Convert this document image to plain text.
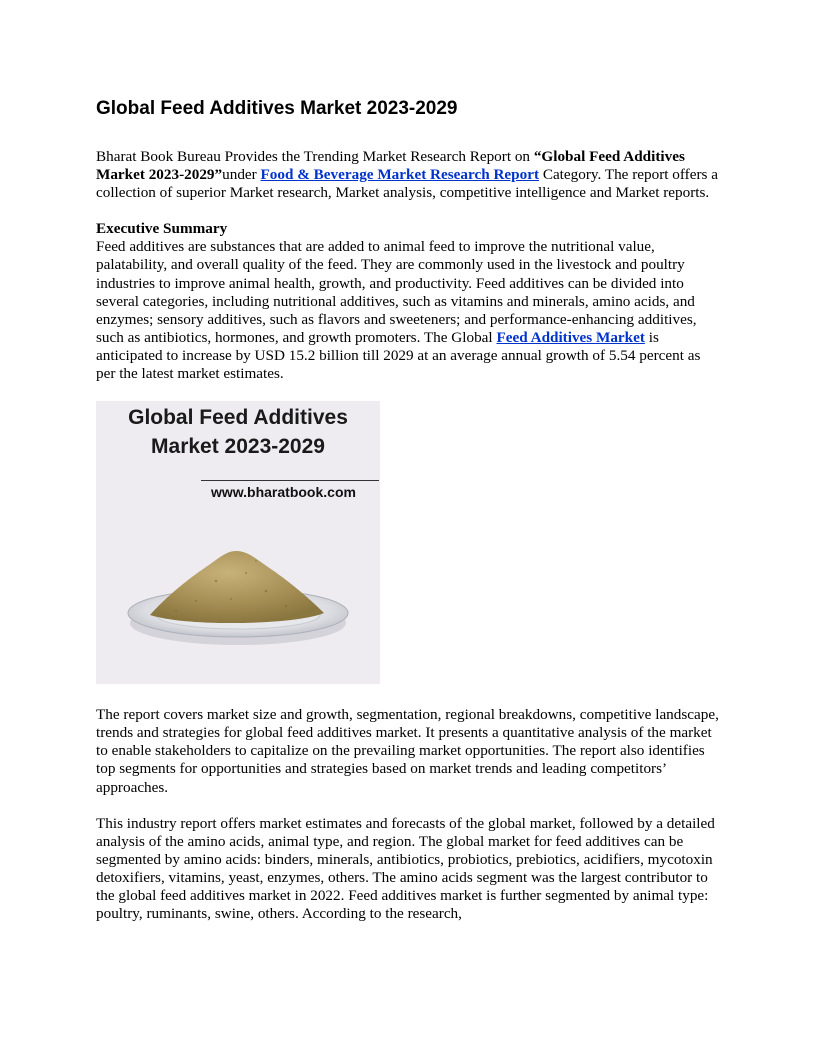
Global Feed Additives Market 2023-2029

Bharat Book Bureau Provides the Trending Market Research Report on “Global Feed Additives Market 2023-2029”under Food & Beverage Market Research Report Category. The report offers a collection of superior Market research, Market analysis, competitive intelligence and Market reports.

Executive Summary
Feed additives are substances that are added to animal feed to improve the nutritional value, palatability, and overall quality of the feed. They are commonly used in the livestock and poultry industries to improve animal health, growth, and productivity. Feed additives can be divided into several categories, including nutritional additives, such as vitamins and minerals, amino acids, and enzymes; sensory additives, such as flavors and sweeteners; and performance-enhancing additives, such as antibiotics, hormones, and growth promoters. The Global Feed Additives Market is anticipated to increase by USD 15.2 billion till 2029 at an average annual growth of 5.54 percent as per the latest market estimates.

Global Feed Additives
Market 2023-2029
www.bharatbook.com

The report covers market size and growth, segmentation, regional breakdowns, competitive landscape, trends and strategies for global feed additives market. It presents a quantitative analysis of the market to enable stakeholders to capitalize on the prevailing market opportunities. The report also identifies top segments for opportunities and strategies based on market trends and leading competitors’ approaches.

This industry report offers market estimates and forecasts of the global market, followed by a detailed analysis of the amino acids, animal type, and region. The global market for feed additives can be segmented by amino acids: binders, minerals, antibiotics, probiotics, prebiotics, acidifiers, mycotoxin detoxifiers, vitamins, yeast, enzymes, others. The amino acids segment was the largest contributor to the global feed additives market in 2022. Feed additives market is further segmented by animal type: poultry, ruminants, swine, others. According to the research,
